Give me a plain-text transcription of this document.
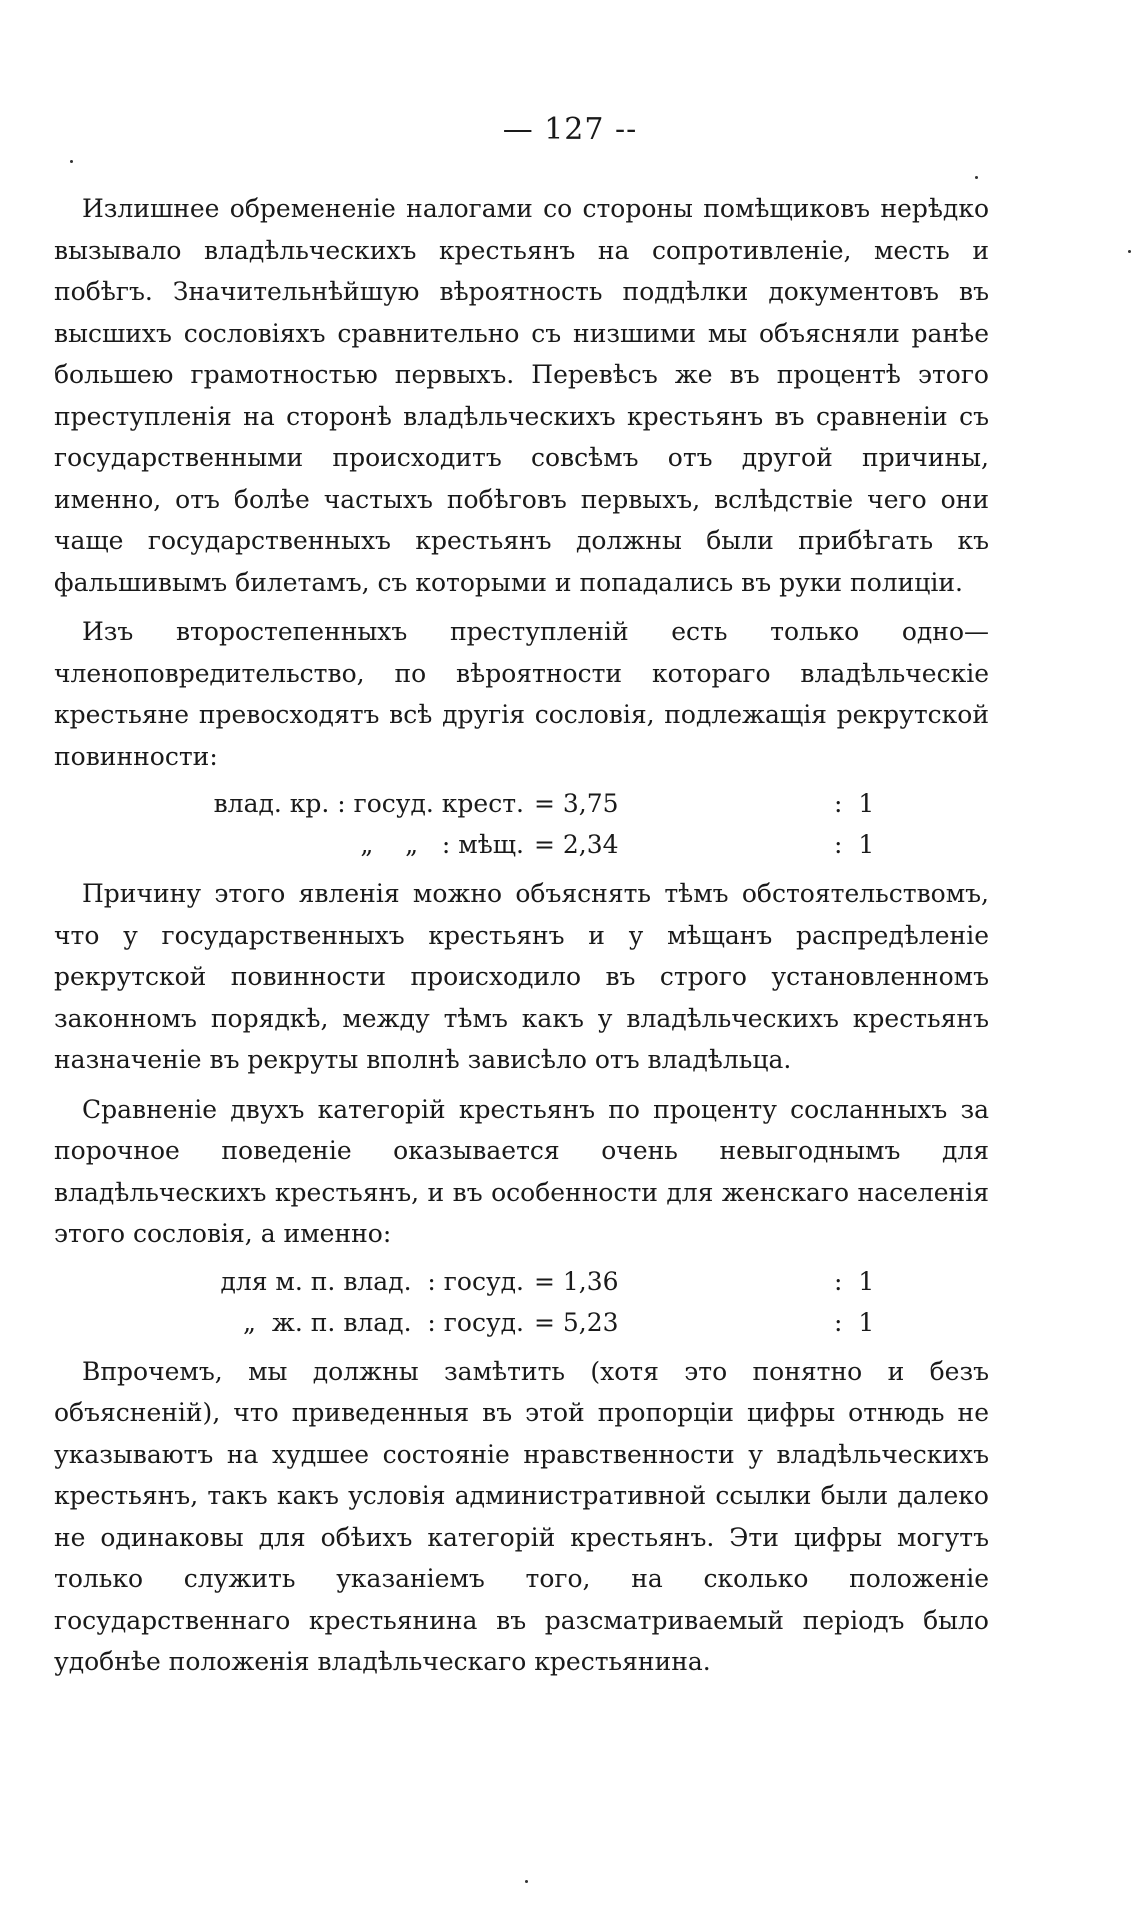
— 127 --

Излишнее обремененіе налогами со стороны помѣщиковъ нерѣдко вызывало владѣльческихъ крестьянъ на сопротивленіе, месть и побѣгъ. Значительнѣйшую вѣроятность поддѣлки документовъ въ высшихъ сословіяхъ сравнительно съ низшими мы объясняли ранѣе большею грамотностью первыхъ. Перевѣсъ же въ процентѣ этого преступленія на сторонѣ владѣльческихъ крестьянъ въ сравненіи съ государственными происходитъ совсѣмъ отъ другой причины, именно, отъ болѣе частыхъ побѣговъ первыхъ, вслѣдствіе чего они чаще государственныхъ крестьянъ должны были прибѣгать къ фальшивымъ билетамъ, съ которыми и попадались въ руки полиціи.

Изъ второстепенныхъ преступленій есть только одно—членоповредительство, по вѣроятности котораго владѣльческіе крестьяне превосходятъ всѣ другія сословія, подлежащія рекрутской повинности:

влад. кр. : госуд. крест. = 3,75	:  1
„    „   : мѣщ. = 2,34	:  1

Причину этого явленія можно объяснять тѣмъ обстоятельствомъ, что у государственныхъ крестьянъ и у мѣщанъ распредѣленіе рекрутской повинности происходило въ строго установленномъ законномъ порядкѣ, между тѣмъ какъ у владѣльческихъ крестьянъ назначеніе въ рекруты вполнѣ зависѣло отъ владѣльца.

Сравненіе двухъ категорій крестьянъ по проценту сосланныхъ за порочное поведеніе оказывается очень невыгоднымъ для владѣльческихъ крестьянъ, и въ особенности для женскаго населенія этого сословія, а именно:

для м. п. влад.  : госуд. = 1,36	:  1
„  ж. п. влад.  : госуд. = 5,23	:  1

Впрочемъ, мы должны замѣтить (хотя это понятно и безъ объясненій), что приведенныя въ этой пропорціи цифры отнюдь не указываютъ на худшее состояніе нравственности у владѣльческихъ крестьянъ, такъ какъ условія административной ссылки были далеко не одинаковы для обѣихъ категорій крестьянъ. Эти цифры могутъ только служить указаніемъ того, на сколько положеніе государственнаго крестьянина въ разсматриваемый періодъ было удобнѣе положенія владѣльческаго крестьянина.
